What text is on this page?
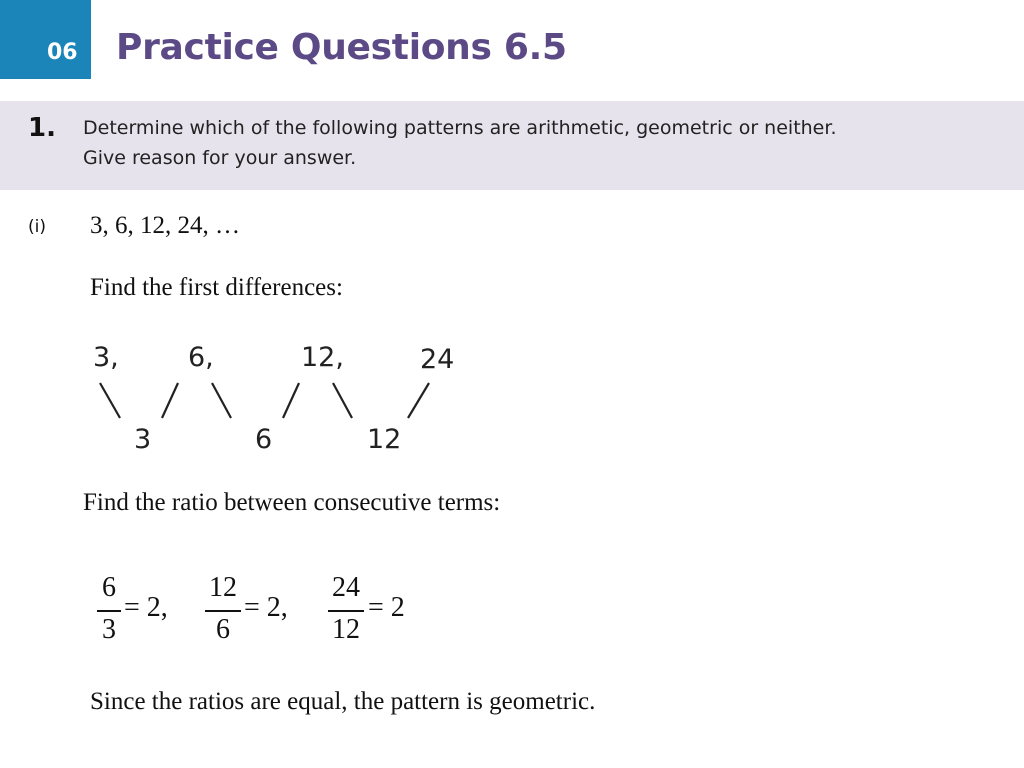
06 Practice Questions 6.5
1. Determine which of the following patterns are arithmetic, geometric or neither.
Give reason for your answer.
(i) 3, 6, 12, 24, …
Find the first differences:
3,	6,	12,	24
3	6	12
Find the ratio between consecutive terms:
6
3
= 2,
12
6
= 2,
24
12
= 2
Since the ratios are equal, the pattern is geometric.
